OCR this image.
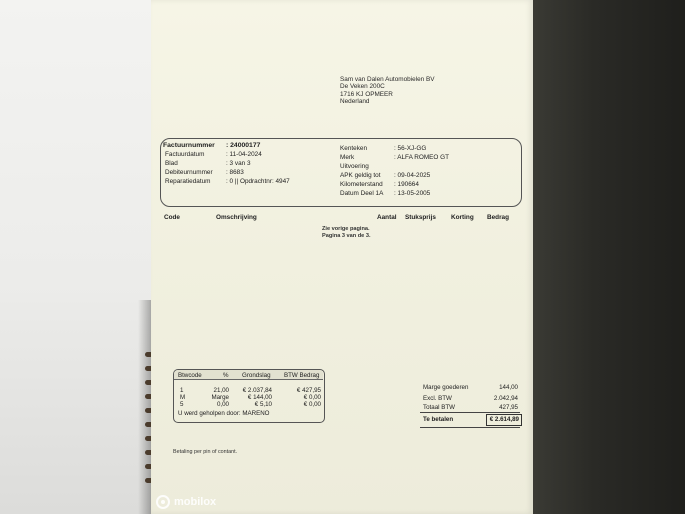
Sam van Dalen Automobielen BV
De Veken 200C
1716 KJ OPMEER
Nederland
Factuurnummer : 24000177
Factuurdatum	: 11-04-2024
Blad	: 3 van 3
Debiteurnummer : 8683
Reparatiedatum : 0 || Opdrachtnr: 4947
Kenteken	: 56-XJ-GG
Merk	: ALFA ROMEO GT
Uitvoering
APK geldig tot : 09-04-2025
Kilometerstand : 190664
Datum Deel 1A : 13-05-2005
Code	Omschrijving	Aantal Stuksprijs Korting Bedrag
Zie vorige pagina.
Pagina 3 van de 3.
Btwcode	% Grondslag BTW Bedrag
1	21,00	€ 2.037,84	€ 427,95
M	Marge	€ 144,00	€ 0,00
5	0,00	€ 5,10	€ 0,00
U werd geholpen door: MARENO
Marge goederen	144,00
Excl. BTW	2.042,94
Totaal BTW	427,95
Te betalen	€ 2.614,89
Betaling per pin of contant.
mobilox
